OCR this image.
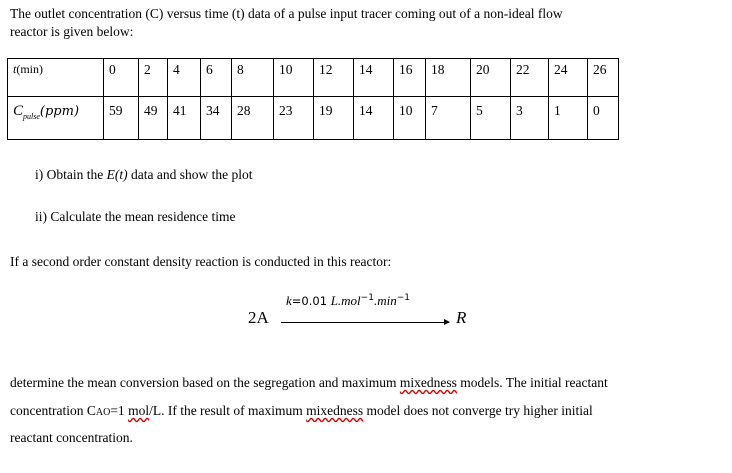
The outlet concentration (C) versus time (t) data of a pulse input tracer coming out of a non-ideal flow
reactor is given below:
t(min)	0	2	4	6	8	10	12	14	16	18	20	22	24	26
$C_{pulse}(ppm)$	59	49	41	34	28	23	19	14	10	7	5	3	1	0
i) Obtain the E(t) data and show the plot
ii) Calculate the mean residence time
If a second order constant density reaction is conducted in this reactor:
2A
k=0.01 $L.mol^{-1}.\min^{-1}$
R
determine the mean conversion based on the segregation and maximum mixedness models. The initial reactant
concentration CAO=1 mol/L. If the result of maximum mixedness model does not converge try higher initial
reactant concentration.
